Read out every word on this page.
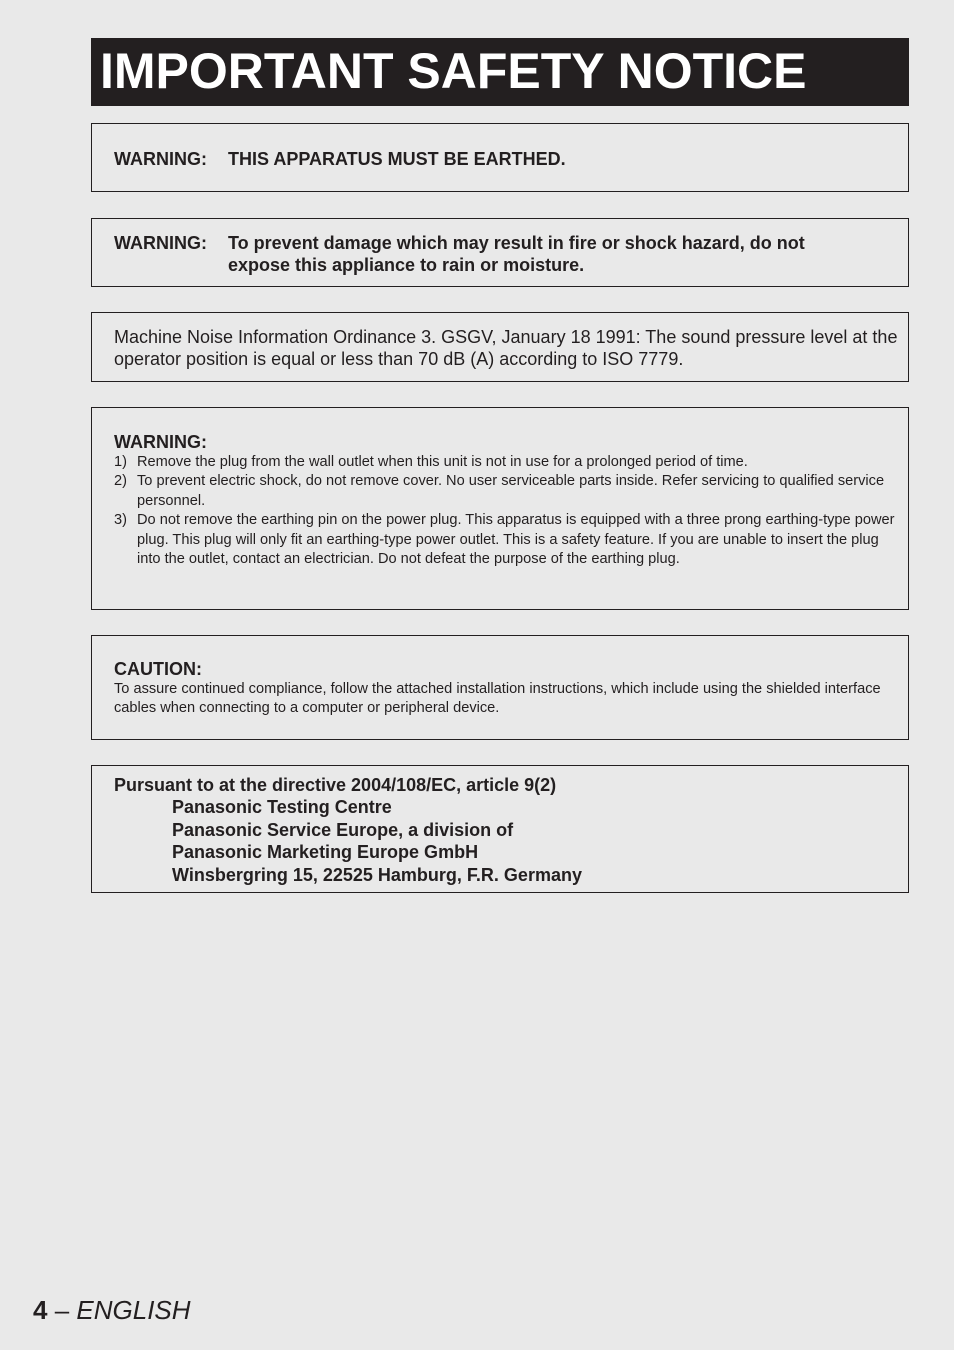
IMPORTANT SAFETY NOTICE
WARNING: THIS APPARATUS MUST BE EARTHED.
WARNING: To prevent damage which may result in fire or shock hazard, do not expose this appliance to rain or moisture.
Machine Noise Information Ordinance 3. GSGV, January 18 1991: The sound pressure level at the operator position is equal or less than 70 dB (A) according to ISO 7779.
WARNING:
1) Remove the plug from the wall outlet when this unit is not in use for a prolonged period of time.
2) To prevent electric shock, do not remove cover. No user serviceable parts inside. Refer servicing to qualified service personnel.
3) Do not remove the earthing pin on the power plug. This apparatus is equipped with a three prong earthing-type power plug. This plug will only fit an earthing-type power outlet. This is a safety feature. If you are unable to insert the plug into the outlet, contact an electrician. Do not defeat the purpose of the earthing plug.
CAUTION:
To assure continued compliance, follow the attached installation instructions, which include using the shielded interface cables when connecting to a computer or peripheral device.
Pursuant to at the directive 2004/108/EC, article 9(2)
Panasonic Testing Centre
Panasonic Service Europe, a division of
Panasonic Marketing Europe GmbH
Winsbergring 15, 22525 Hamburg, F.R. Germany
4 – ENGLISH
